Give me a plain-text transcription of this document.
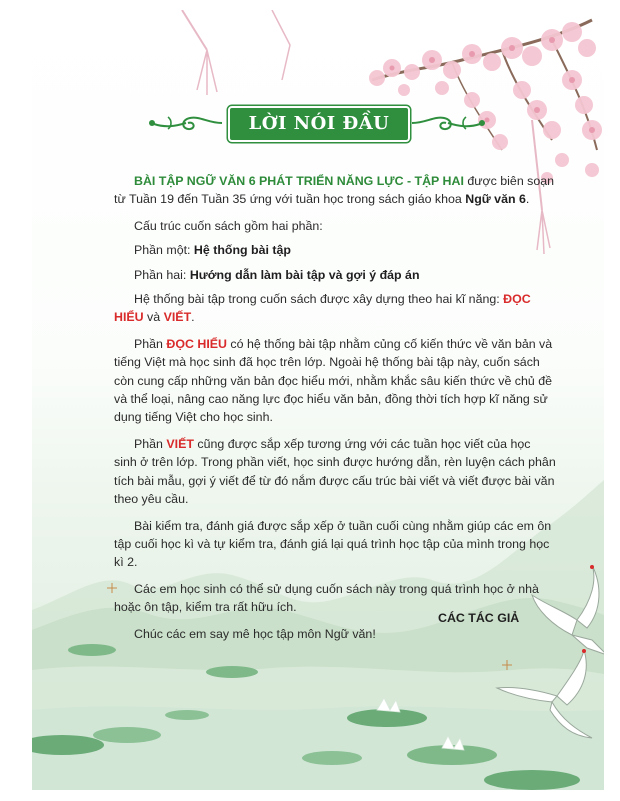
LỜI NÓI ĐẦU

BÀI TẬP NGỮ VĂN 6 PHÁT TRIỂN NĂNG LỰC - TẬP HAI được biên soạn từ Tuần 19 đến Tuần 35 ứng với tuần học trong sách giáo khoa Ngữ văn 6.

Cấu trúc cuốn sách gồm hai phần:

Phần một: Hệ thống bài tập

Phần hai: Hướng dẫn làm bài tập và gợi ý đáp án

Hệ thống bài tập trong cuốn sách được xây dựng theo hai kĩ năng: ĐỌC HIỂU và VIẾT.

Phần ĐỌC HIỂU có hệ thống bài tập nhằm củng cố kiến thức về văn bản và tiếng Việt mà học sinh đã học trên lớp. Ngoài hệ thống bài tập này, cuốn sách còn cung cấp những văn bản đọc hiểu mới, nhằm khắc sâu kiến thức về chủ đề và thể loại, nâng cao năng lực đọc hiểu văn bản, đồng thời tích hợp kĩ năng sử dụng tiếng Việt cho học sinh.

Phần VIẾT cũng được sắp xếp tương ứng với các tuần học viết của học sinh ở trên lớp. Trong phần viết, học sinh được hướng dẫn, rèn luyện cách phân tích bài mẫu, gợi ý viết để từ đó nắm được cấu trúc bài viết và viết được bài văn theo yêu cầu.

Bài kiểm tra, đánh giá được sắp xếp ở tuần cuối cùng nhằm giúp các em ôn tập cuối học kì và tự kiểm tra, đánh giá lại quá trình học tập của mình trong học kì 2.

Các em học sinh có thể sử dụng cuốn sách này trong quá trình học ở nhà hoặc ôn tập, kiểm tra rất hữu ích.

Chúc các em say mê học tập môn Ngữ văn!

CÁC TÁC GIẢ
